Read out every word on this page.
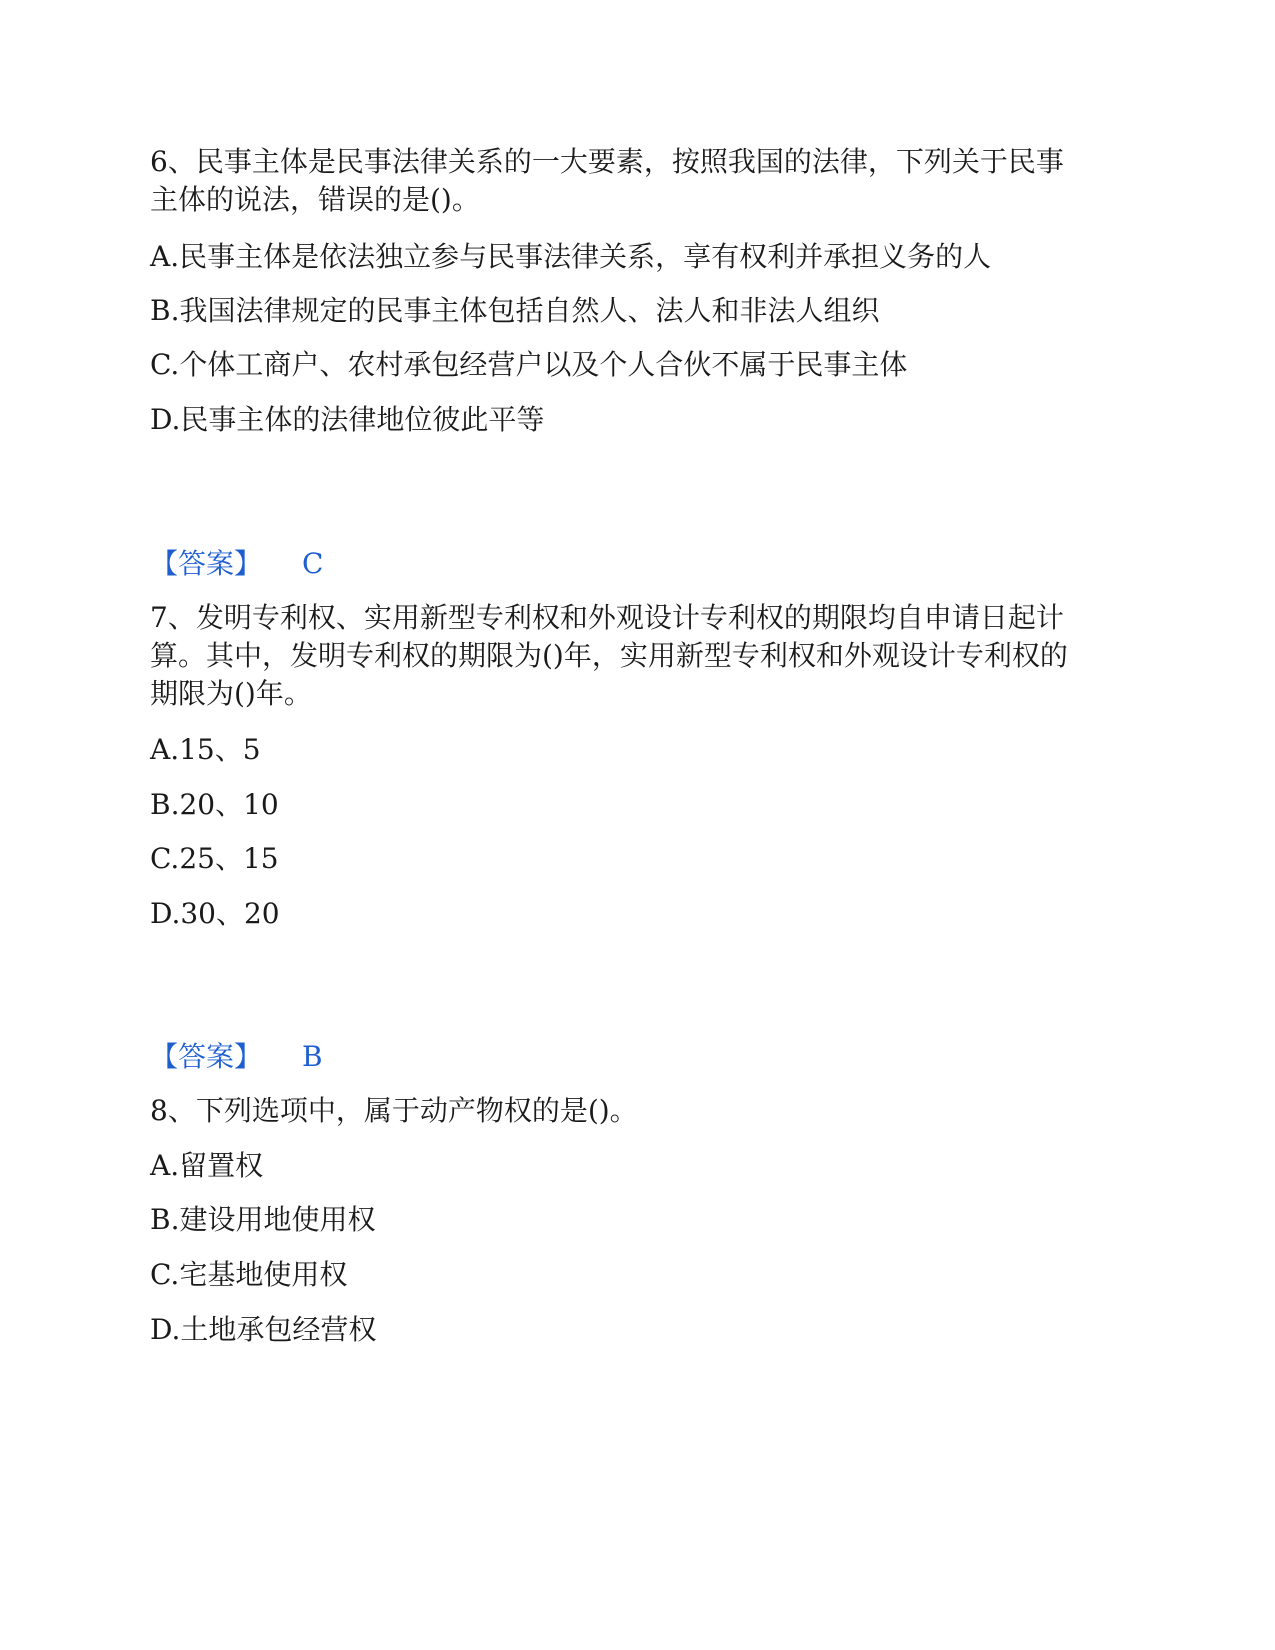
6、民事主体是民事法律关系的一大要素，按照我国的法律，下列关于民事
主体的说法，错误的是()。
A.民事主体是依法独立参与民事法律关系，享有权利并承担义务的人
B.我国法律规定的民事主体包括自然人、法人和非法人组织
C.个体工商户、农村承包经营户以及个人合伙不属于民事主体
D.民事主体的法律地位彼此平等
【答案】 C
7、发明专利权、实用新型专利权和外观设计专利权的期限均自申请日起计
算。其中，发明专利权的期限为()年，实用新型专利权和外观设计专利权的
期限为()年。
A.15、5
B.20、10
C.25、15
D.30、20
【答案】 B
8、下列选项中，属于动产物权的是()。
A.留置权
B.建设用地使用权
C.宅基地使用权
D.土地承包经营权
